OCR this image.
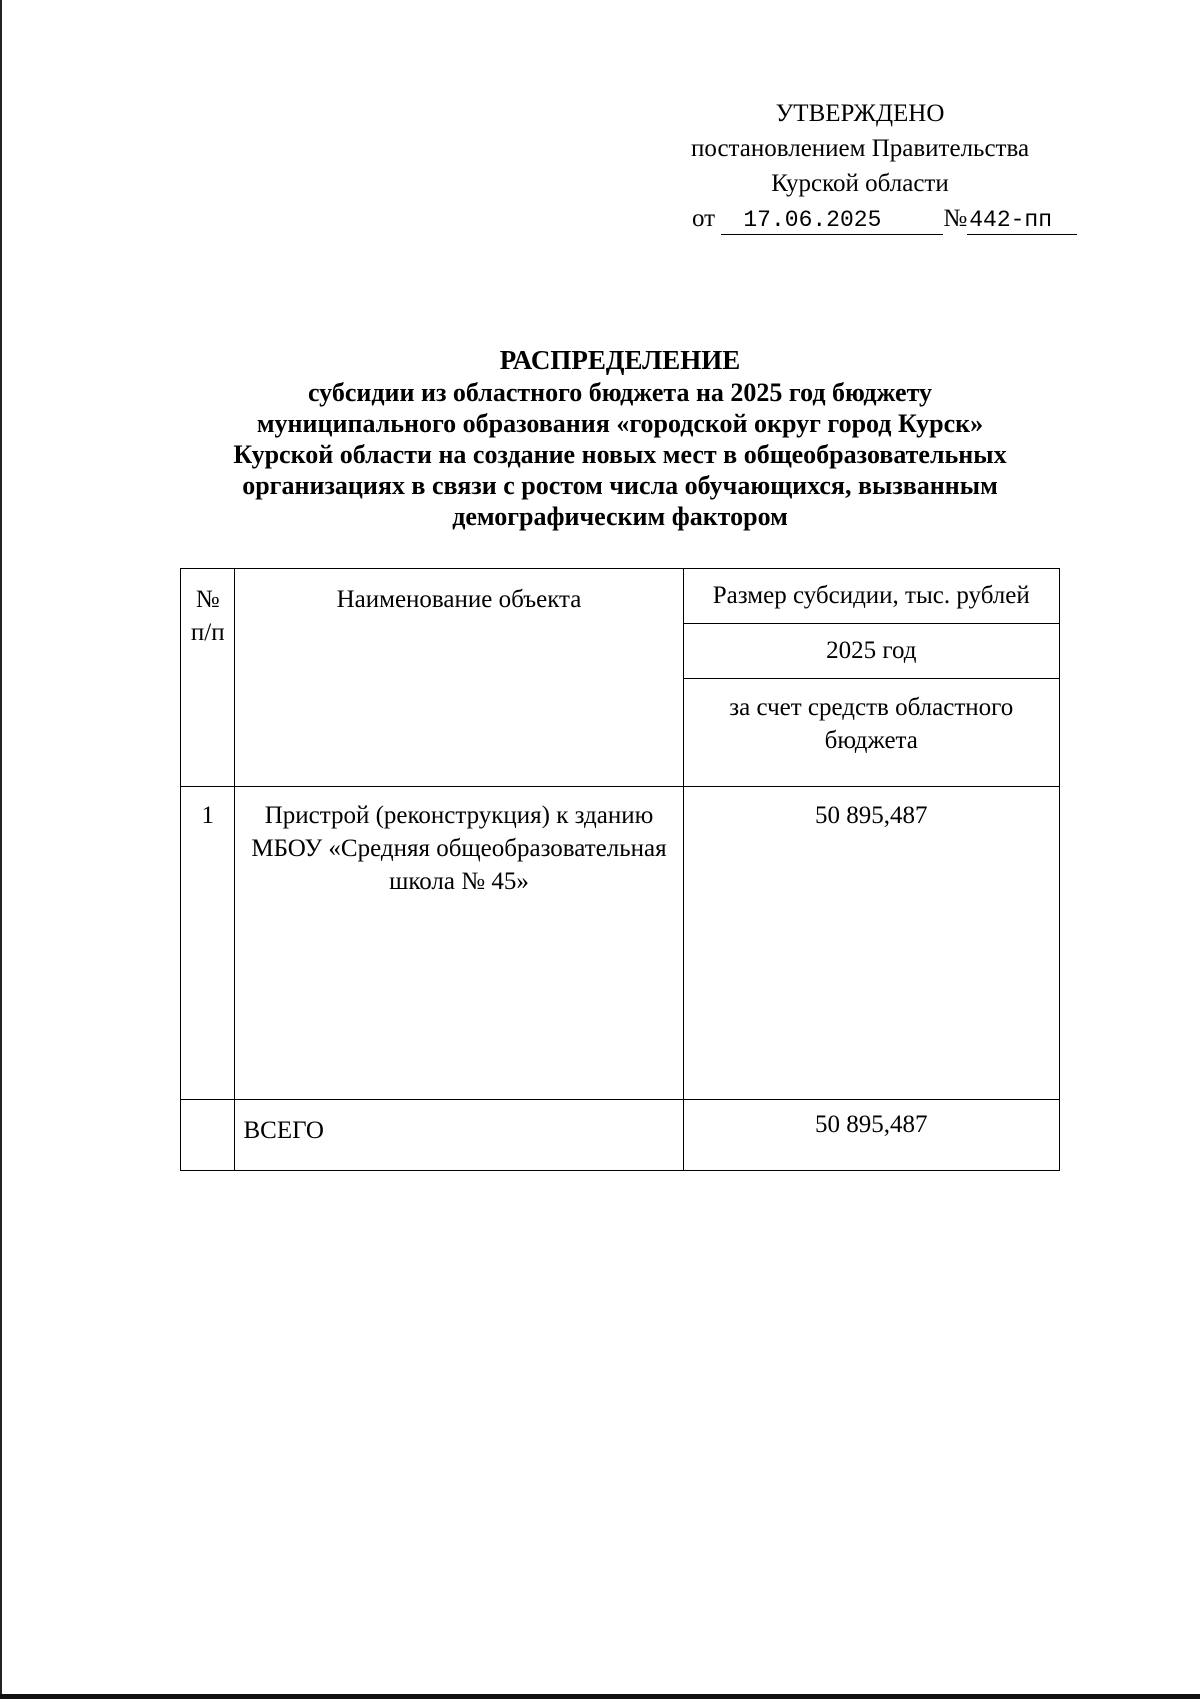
УТВЕРЖДЕНО
постановлением Правительства
Курской области
от 17.06.2025 №442-пп
РАСПРЕДЕЛЕНИЕ
субсидии из областного бюджета на 2025 год бюджету
муниципального образования «городской округ город Курск»
Курской области на создание новых мест в общеобразовательных
организациях в связи с ростом числа обучающихся, вызванным
демографическим фактором
№ п/п	Наименование объекта	Размер субсидии, тыс. рублей
		2025 год

		за счет средств областного бюджета

1	Пристрой (реконструкция) к зданию МБОУ «Средняя общеобразовательная школа № 45»	50 895,487
	ВСЕГО	50 895,487
